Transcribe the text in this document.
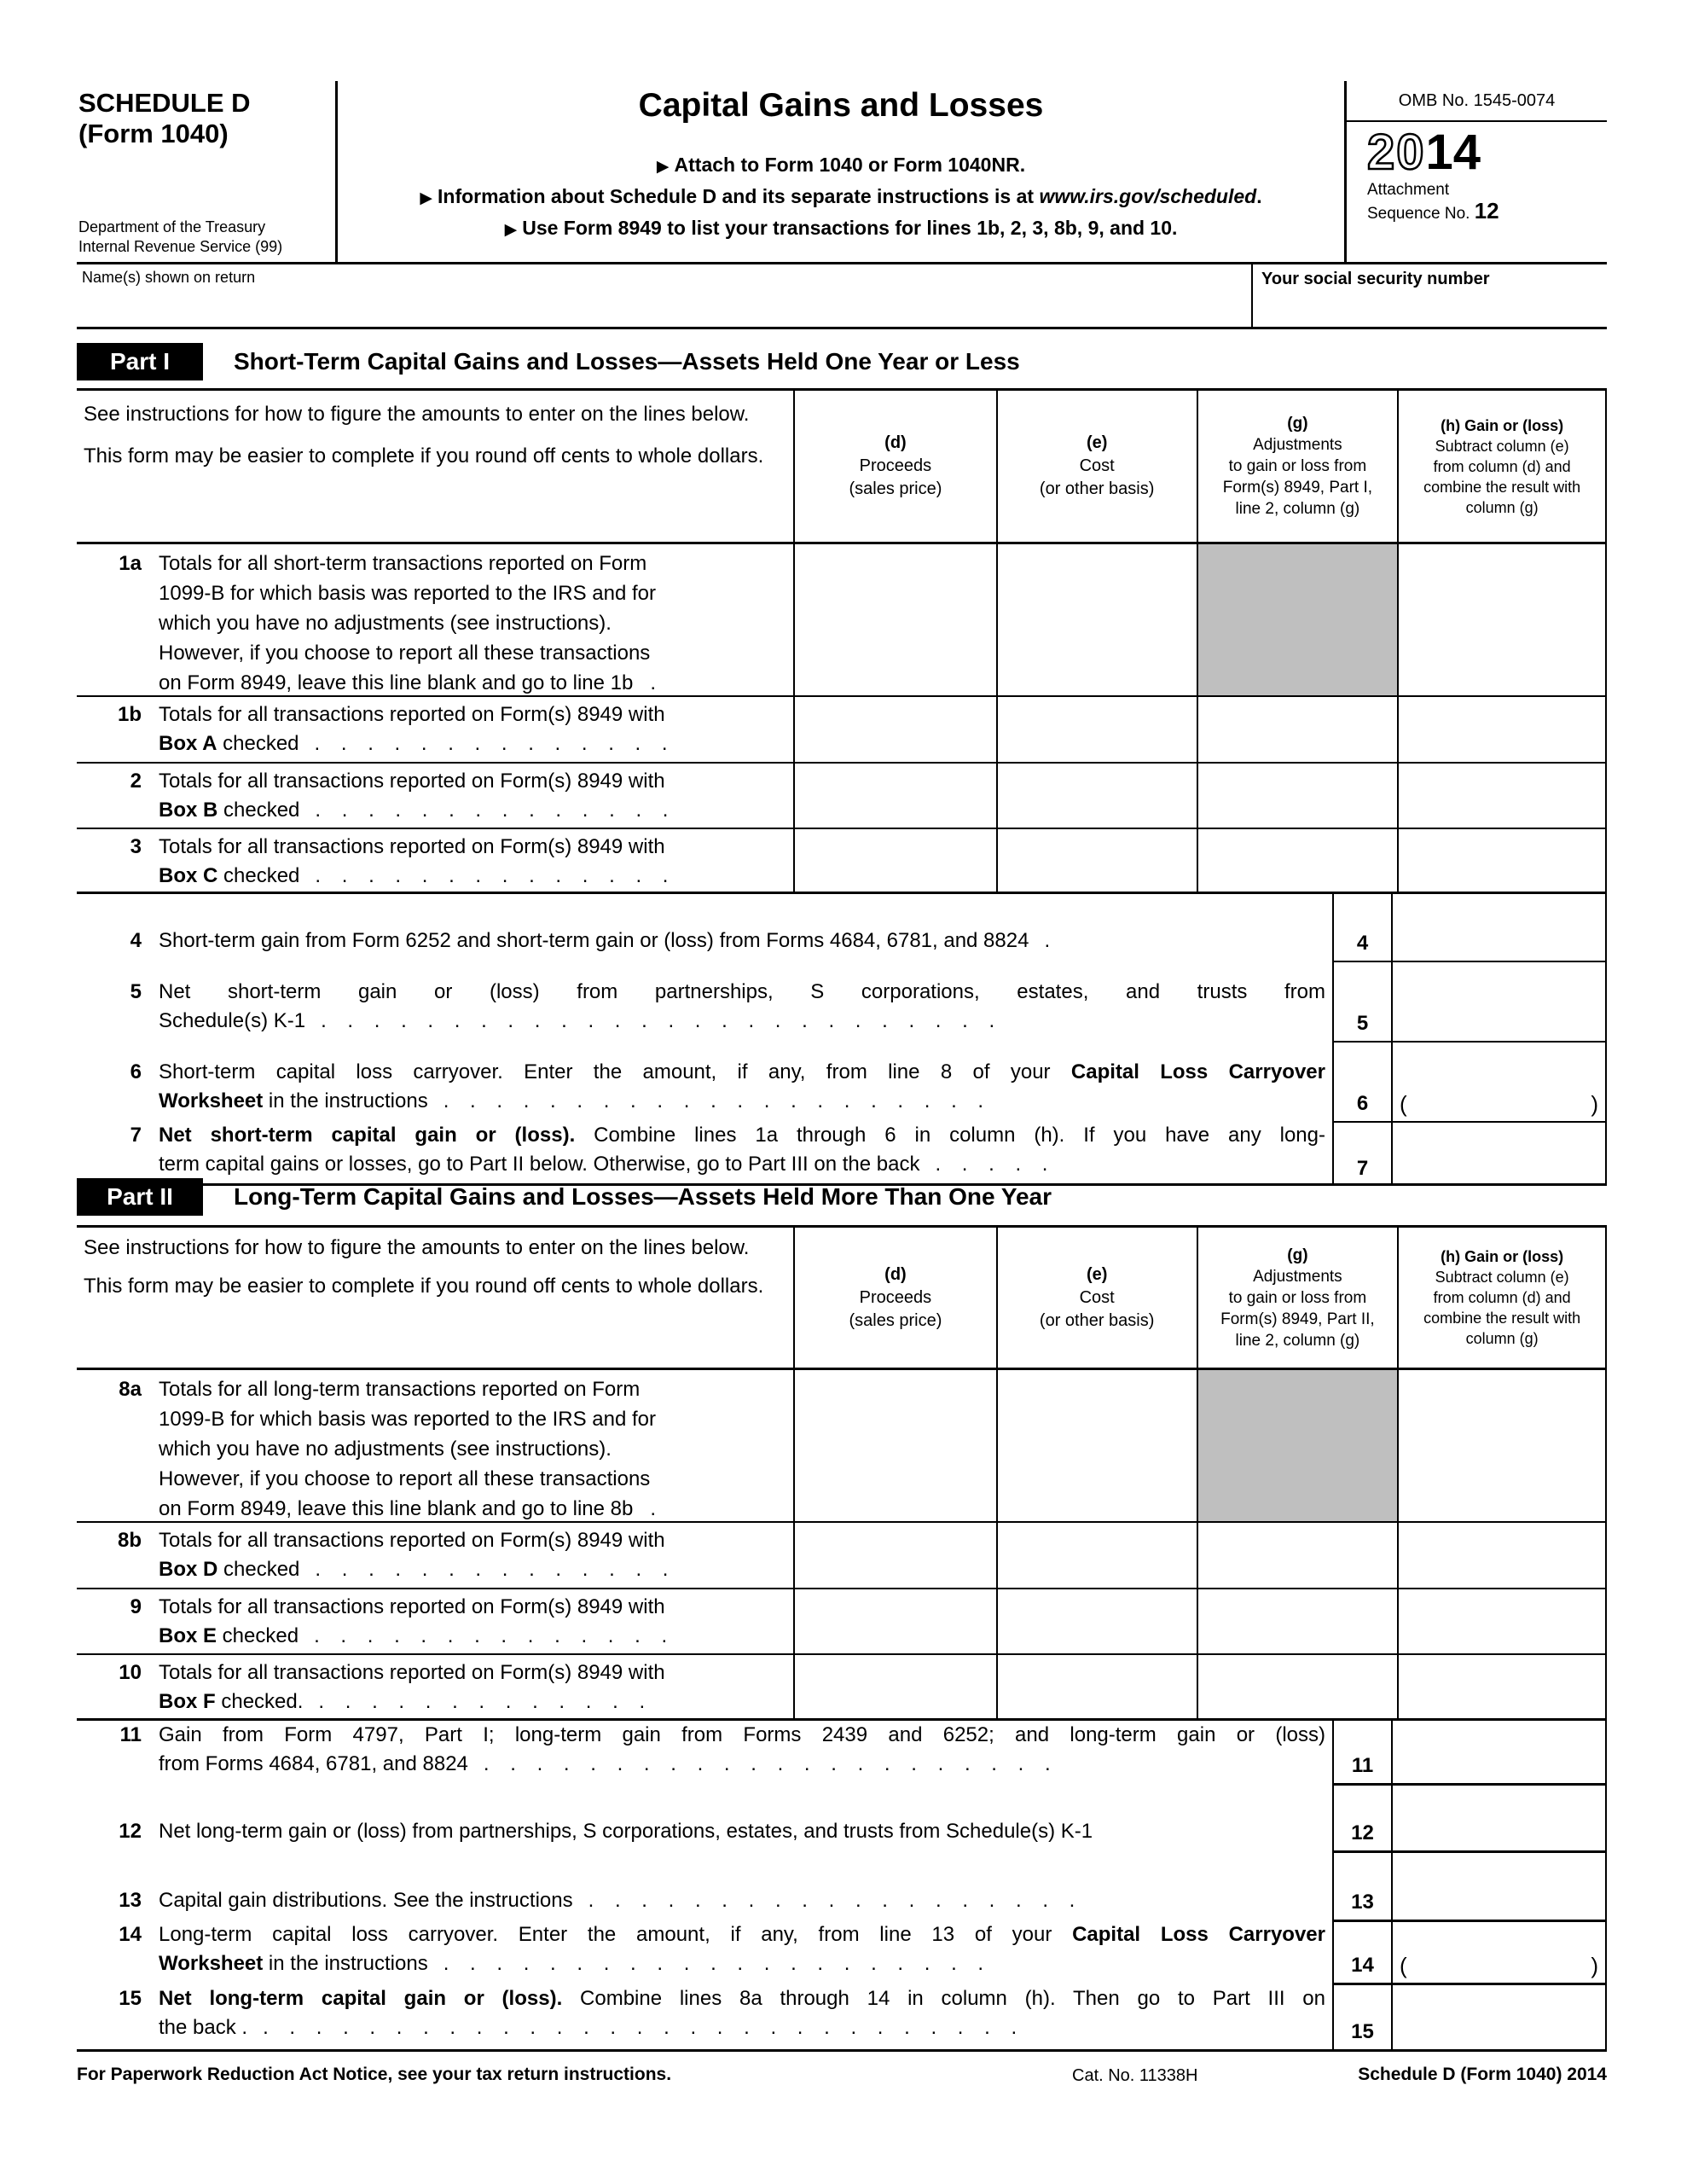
SCHEDULE D
(Form 1040)
Department of the Treasury
Internal Revenue Service (99)
Capital Gains and Losses
▶ Attach to Form 1040 or Form 1040NR.
▶ Information about Schedule D and its separate instructions is at www.irs.gov/scheduled.
▶ Use Form 8949 to list your transactions for lines 1b, 2, 3, 8b, 9, and 10.
OMB No. 1545-0074
2014
Attachment
Sequence No. 12
Name(s) shown on return	Your social security number
Part I	Short-Term Capital Gains and Losses—Assets Held One Year or Less
See instructions for how to figure the amounts to enter on the lines below.
This form may be easier to complete if you round off cents to whole dollars.
(d)
Proceeds
(sales price)
(e)
Cost
(or other basis)
(g)
Adjustments
to gain or loss from
Form(s) 8949, Part I,
line 2, column (g)
(h) Gain or (loss)
Subtract column (e)
from column (d) and
combine the result with
column (g)
1a Totals for all short-term transactions reported on Form
1099-B for which basis was reported to the IRS and for
which you have no adjustments (see instructions).
However, if you choose to report all these transactions
on Form 8949, leave this line blank and go to line 1b   .
1b Totals for all transactions reported on Form(s) 8949 with
Box A checked . . . . . . . . . . . . . .
2 Totals for all transactions reported on Form(s) 8949 with
Box B checked . . . . . . . . . . . . . .
3 Totals for all transactions reported on Form(s) 8949 with
Box C checked . . . . . . . . . . . . . .
4 Short-term gain from Form 6252 and short-term gain or (loss) from Forms 4684, 6781, and 8824 .	4
5 Net short-term gain or (loss) from partnerships, S corporations, estates, and trusts from
Schedule(s) K-1 . . . . . . . . . . . . . . . . . . . . . . . . . .	5
6 Short-term capital loss carryover. Enter the amount, if any, from line 8 of your Capital Loss Carryover
Worksheet in the instructions . . . . . . . . . . . . . . . . . . . . .	6	(	)
7 Net short-term capital gain or (loss). Combine lines 1a through 6 in column (h). If you have any long-
term capital gains or losses, go to Part II below. Otherwise, go to Part III on the back . . . . .	7
Part II	Long-Term Capital Gains and Losses—Assets Held More Than One Year
See instructions for how to figure the amounts to enter on the lines below.
This form may be easier to complete if you round off cents to whole dollars.
(d)
Proceeds
(sales price)
(e)
Cost
(or other basis)
(g)
Adjustments
to gain or loss from
Form(s) 8949, Part II,
line 2, column (g)
(h) Gain or (loss)
Subtract column (e)
from column (d) and
combine the result with
column (g)
8a Totals for all long-term transactions reported on Form
1099-B for which basis was reported to the IRS and for
which you have no adjustments (see instructions).
However, if you choose to report all these transactions
on Form 8949, leave this line blank and go to line 8b   .
8b Totals for all transactions reported on Form(s) 8949 with
Box D checked . . . . . . . . . . . . . .
9 Totals for all transactions reported on Form(s) 8949 with
Box E checked . . . . . . . . . . . . . .
10 Totals for all transactions reported on Form(s) 8949 with
Box F checked. . . . . . . . . . . . . .
11 Gain from Form 4797, Part I; long-term gain from Forms 2439 and 6252; and long-term gain or (loss)
from Forms 4684, 6781, and 8824 . . . . . . . . . . . . . . . . . . . . . .	11
12 Net long-term gain or (loss) from partnerships, S corporations, estates, and trusts from Schedule(s) K-1	12
13 Capital gain distributions. See the instructions . . . . . . . . . . . . . . . . . . .	13
14 Long-term capital loss carryover. Enter the amount, if any, from line 13 of your Capital Loss Carryover
Worksheet in the instructions . . . . . . . . . . . . . . . . . . . . .	14	(	)
15 Net long-term capital gain or (loss). Combine lines 8a through 14 in column (h). Then go to Part III on
the back . . . . . . . . . . . . . . . . . . . . . . . . . . . . . .	15
For Paperwork Reduction Act Notice, see your tax return instructions.	Cat. No. 11338H	Schedule D (Form 1040) 2014
